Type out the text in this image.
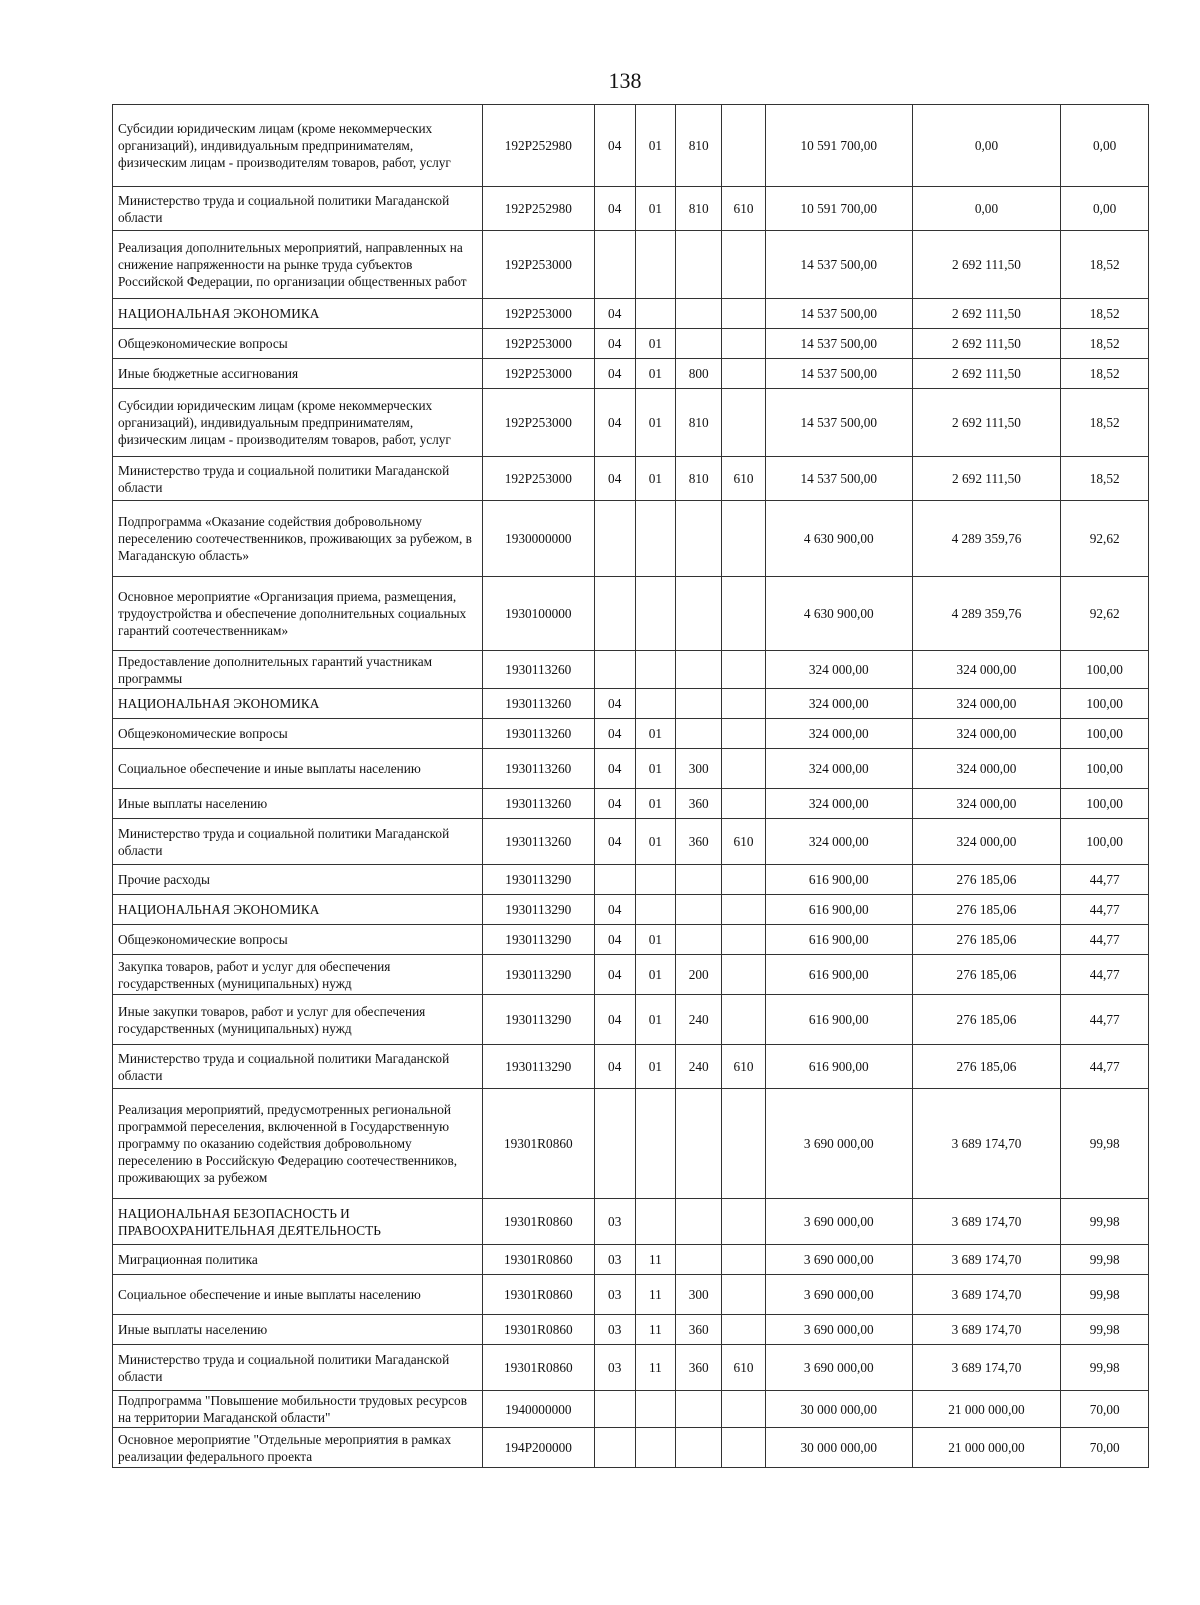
138
Субсидии юридическим лицам (кроме некоммерческих организаций), индивидуальным предпринимателям, физическим лицам - производителям товаров, работ, услуг	192P252980	04	01	810		10 591 700,00	0,00	0,00
Министерство труда и социальной политики Магаданской области	192P252980	04	01	810	610	10 591 700,00	0,00	0,00
Реализация дополнительных мероприятий, направленных на снижение напряженности на рынке труда субъектов Российской Федерации, по организации общественных работ	192P253000					14 537 500,00	2 692 111,50	18,52
НАЦИОНАЛЬНАЯ ЭКОНОМИКА	192P253000	04				14 537 500,00	2 692 111,50	18,52
Общеэкономические вопросы	192P253000	04	01			14 537 500,00	2 692 111,50	18,52
Иные бюджетные ассигнования	192P253000	04	01	800		14 537 500,00	2 692 111,50	18,52
Субсидии юридическим лицам (кроме некоммерческих организаций), индивидуальным предпринимателям, физическим лицам - производителям товаров, работ, услуг	192P253000	04	01	810		14 537 500,00	2 692 111,50	18,52
Министерство труда и социальной политики Магаданской области	192P253000	04	01	810	610	14 537 500,00	2 692 111,50	18,52
Подпрограмма «Оказание содействия добровольному переселению соотечественников, проживающих за рубежом, в Магаданскую область»	1930000000					4 630 900,00	4 289 359,76	92,62
Основное мероприятие «Организация приема, размещения, трудоустройства и обеспечение дополнительных социальных гарантий соотечественникам»	1930100000					4 630 900,00	4 289 359,76	92,62
Предоставление дополнительных гарантий участникам программы	1930113260					324 000,00	324 000,00	100,00
НАЦИОНАЛЬНАЯ ЭКОНОМИКА	1930113260	04				324 000,00	324 000,00	100,00
Общеэкономические вопросы	1930113260	04	01			324 000,00	324 000,00	100,00
Социальное обеспечение и иные выплаты населению	1930113260	04	01	300		324 000,00	324 000,00	100,00
Иные выплаты населению	1930113260	04	01	360		324 000,00	324 000,00	100,00
Министерство труда и социальной политики Магаданской области	1930113260	04	01	360	610	324 000,00	324 000,00	100,00
Прочие расходы	1930113290					616 900,00	276 185,06	44,77
НАЦИОНАЛЬНАЯ ЭКОНОМИКА	1930113290	04				616 900,00	276 185,06	44,77
Общеэкономические вопросы	1930113290	04	01			616 900,00	276 185,06	44,77
Закупка товаров, работ и услуг для обеспечения государственных (муниципальных) нужд	1930113290	04	01	200		616 900,00	276 185,06	44,77
Иные закупки товаров, работ и услуг для обеспечения государственных (муниципальных) нужд	1930113290	04	01	240		616 900,00	276 185,06	44,77
Министерство труда и социальной политики Магаданской области	1930113290	04	01	240	610	616 900,00	276 185,06	44,77
Реализация мероприятий, предусмотренных региональной программой переселения, включенной в Государственную программу по оказанию содействия добровольному переселению в Российскую Федерацию соотечественников, проживающих за рубежом	19301R0860					3 690 000,00	3 689 174,70	99,98
НАЦИОНАЛЬНАЯ БЕЗОПАСНОСТЬ И ПРАВООХРАНИТЕЛЬНАЯ ДЕЯТЕЛЬНОСТЬ	19301R0860	03				3 690 000,00	3 689 174,70	99,98
Миграционная политика	19301R0860	03	11			3 690 000,00	3 689 174,70	99,98
Социальное обеспечение и иные выплаты населению	19301R0860	03	11	300		3 690 000,00	3 689 174,70	99,98
Иные выплаты населению	19301R0860	03	11	360		3 690 000,00	3 689 174,70	99,98
Министерство труда и социальной политики Магаданской области	19301R0860	03	11	360	610	3 690 000,00	3 689 174,70	99,98
Подпрограмма "Повышение мобильности трудовых ресурсов на территории Магаданской области"	1940000000					30 000 000,00	21 000 000,00	70,00
Основное мероприятие "Отдельные мероприятия в рамках реализации федерального проекта	194P200000					30 000 000,00	21 000 000,00	70,00
